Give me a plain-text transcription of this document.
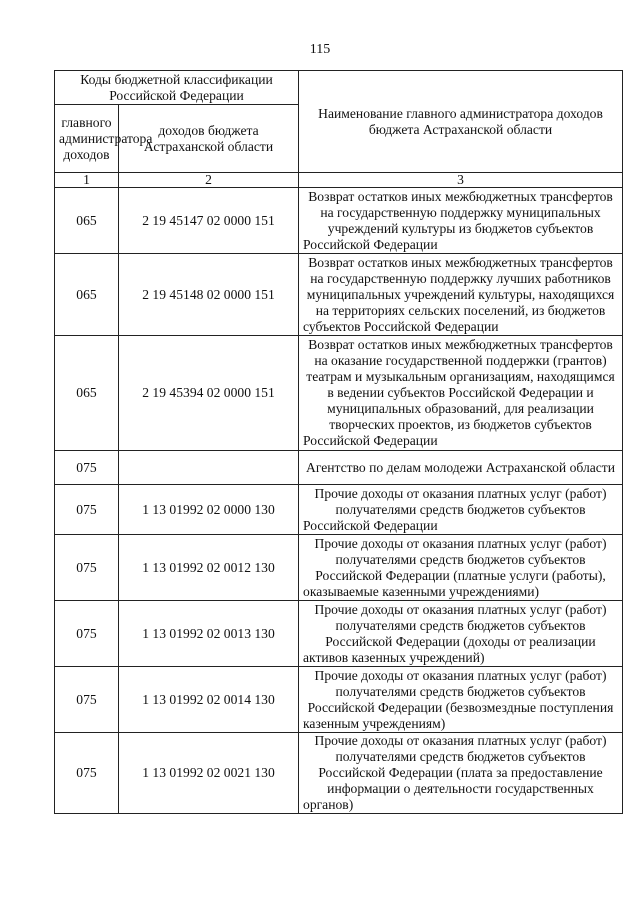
115
Коды бюджетной классификации Российской Федерации		Наименование главного администратора доходов бюджета Астраханской области
главного администратора доходов	доходов бюджета Астраханской области	
1	2	3
065	2 19 45147 02 0000 151	Возврат остатков иных межбюджетных трансфертов на государственную поддержку муниципальных учреждений культуры из бюджетов субъектов Российской Федерации
065	2 19 45148 02 0000 151	Возврат остатков иных межбюджетных трансфертов на государственную поддержку лучших работников муниципальных учреждений культуры, находящихся на территориях сельских поселений, из бюджетов субъектов Российской Федерации
065	2 19 45394 02 0000 151	Возврат остатков иных межбюджетных трансфертов на оказание государственной поддержки (грантов) театрам и музыкальным организациям, находящимся в ведении субъектов Российской Федерации и муниципальных образований, для реализации творческих проектов, из бюджетов субъектов Российской Федерации
075		Агентство по делам молодежи Астраханской области
075	1 13 01992 02 0000 130	Прочие доходы от оказания платных услуг (работ) получателями средств бюджетов субъектов Российской Федерации
075	1 13 01992 02 0012 130	Прочие доходы от оказания платных услуг (работ) получателями средств бюджетов субъектов Российской Федерации (платные услуги (работы), оказываемые казенными учреждениями)
075	1 13 01992 02 0013 130	Прочие доходы от оказания платных услуг (работ) получателями средств бюджетов субъектов Российской Федерации (доходы от реализации активов казенных учреждений)
075	1 13 01992 02 0014 130	Прочие доходы от оказания платных услуг (работ) получателями средств бюджетов субъектов Российской Федерации (безвозмездные поступления казенным учреждениям)
075	1 13 01992 02 0021 130	Прочие доходы от оказания платных услуг (работ) получателями средств бюджетов субъектов Российской Федерации (плата за предоставление информации о деятельности государственных органов)
